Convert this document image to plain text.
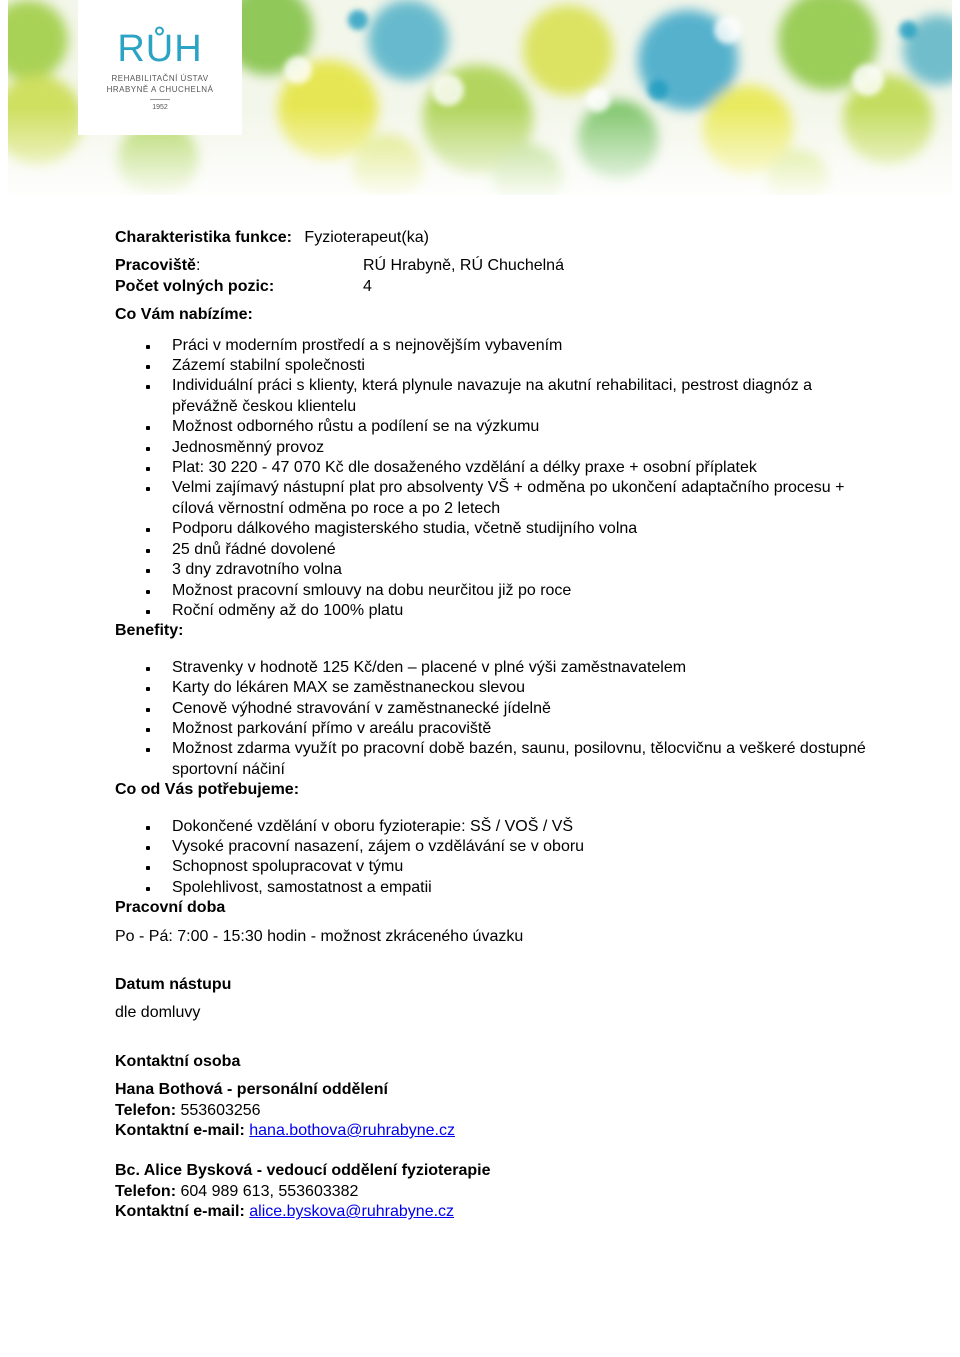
RŮH
REHABILITAČNÍ ÚSTAV
HRABYNĚ A CHUCHELNÁ
1952
Charakteristika funkce: Fyzioterapeut(ka)
Pracoviště:	RÚ Hrabyně, RÚ Chuchelná
Počet volných pozic:	4
Co Vám nabízíme:
Práci v moderním prostředí a s nejnovějším vybavením
Zázemí stabilní společnosti
Individuální práci s klienty, která plynule navazuje na akutní rehabilitaci, pestrost diagnóz a převážně českou klientelu
Možnost odborného růstu a podílení se na výzkumu
Jednosměnný provoz
Plat: 30 220 - 47 070 Kč dle dosaženého vzdělání a délky praxe + osobní příplatek
Velmi zajímavý nástupní plat pro absolventy VŠ + odměna po ukončení adaptačního procesu + cílová věrnostní odměna po roce a po 2 letech
Podporu dálkového magisterského studia, včetně studijního volna
25 dnů řádné dovolené
3 dny zdravotního volna
Možnost pracovní smlouvy na dobu neurčitou již po roce
Roční odměny až do 100% platu
Benefity:
Stravenky v hodnotě 125 Kč/den – placené v plné výši zaměstnavatelem
Karty do lékáren MAX se zaměstnaneckou slevou
Cenově výhodné stravování v zaměstnanecké jídelně
Možnost parkování přímo v areálu pracoviště
Možnost zdarma využít po pracovní době bazén, saunu, posilovnu, tělocvičnu a veškeré dostupné sportovní náčiní
Co od Vás potřebujeme:
Dokončené vzdělání v oboru fyzioterapie: SŠ / VOŠ / VŠ
Vysoké pracovní nasazení, zájem o vzdělávání se v oboru
Schopnost spolupracovat v týmu
Spolehlivost, samostatnost a empatii
Pracovní doba
Po - Pá: 7:00 - 15:30 hodin - možnost zkráceného úvazku
Datum nástupu
dle domluvy
Kontaktní osoba
Hana Bothová - personální oddělení
Telefon: 553603256
Kontaktní e-mail: hana.bothova@ruhrabyne.cz
Bc. Alice Bysková - vedoucí oddělení fyzioterapie
Telefon: 604 989 613, 553603382
Kontaktní e-mail: alice.byskova@ruhrabyne.cz
